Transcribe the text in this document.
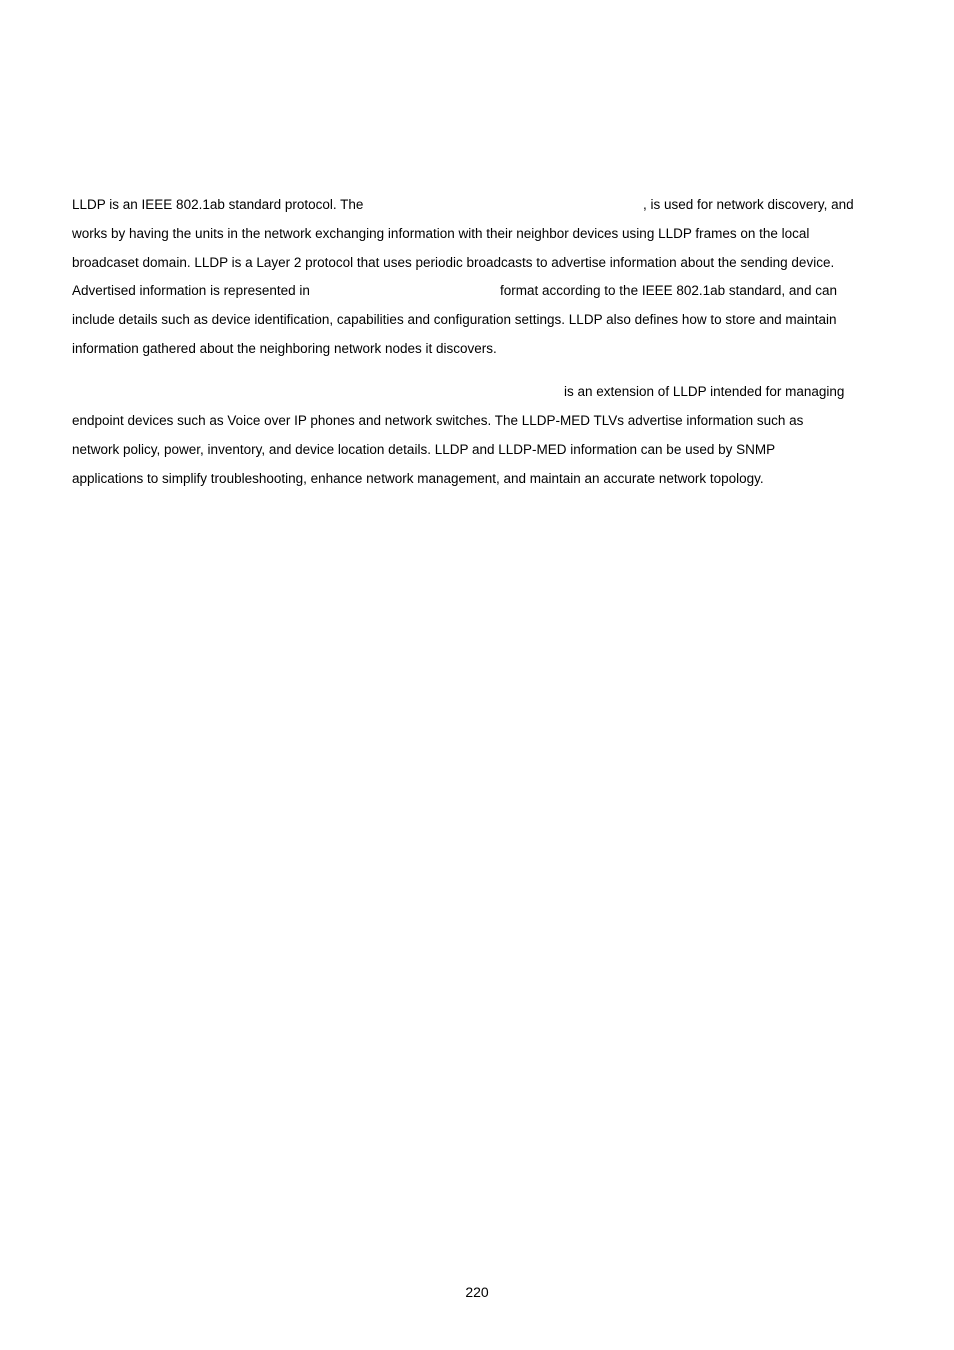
LLDP is an IEEE 802.1ab standard protocol. The	, is used for network discovery, and

works by having the units in the network exchanging information with their neighbor devices using LLDP frames on the local

broadcaset domain. LLDP is a Layer 2 protocol that uses periodic broadcasts to advertise information about the sending device.

Advertised information is represented in	format according to the IEEE 802.1ab standard, and can

include details such as device identification, capabilities and configuration settings. LLDP also defines how to store and maintain

information gathered about the neighboring network nodes it discovers.

is an extension of LLDP intended for managing

endpoint devices such as Voice over IP phones and network switches. The LLDP-MED TLVs advertise information such as

network policy, power, inventory, and device location details. LLDP and LLDP-MED information can be used by SNMP

applications to simplify troubleshooting, enhance network management, and maintain an accurate network topology.

220
